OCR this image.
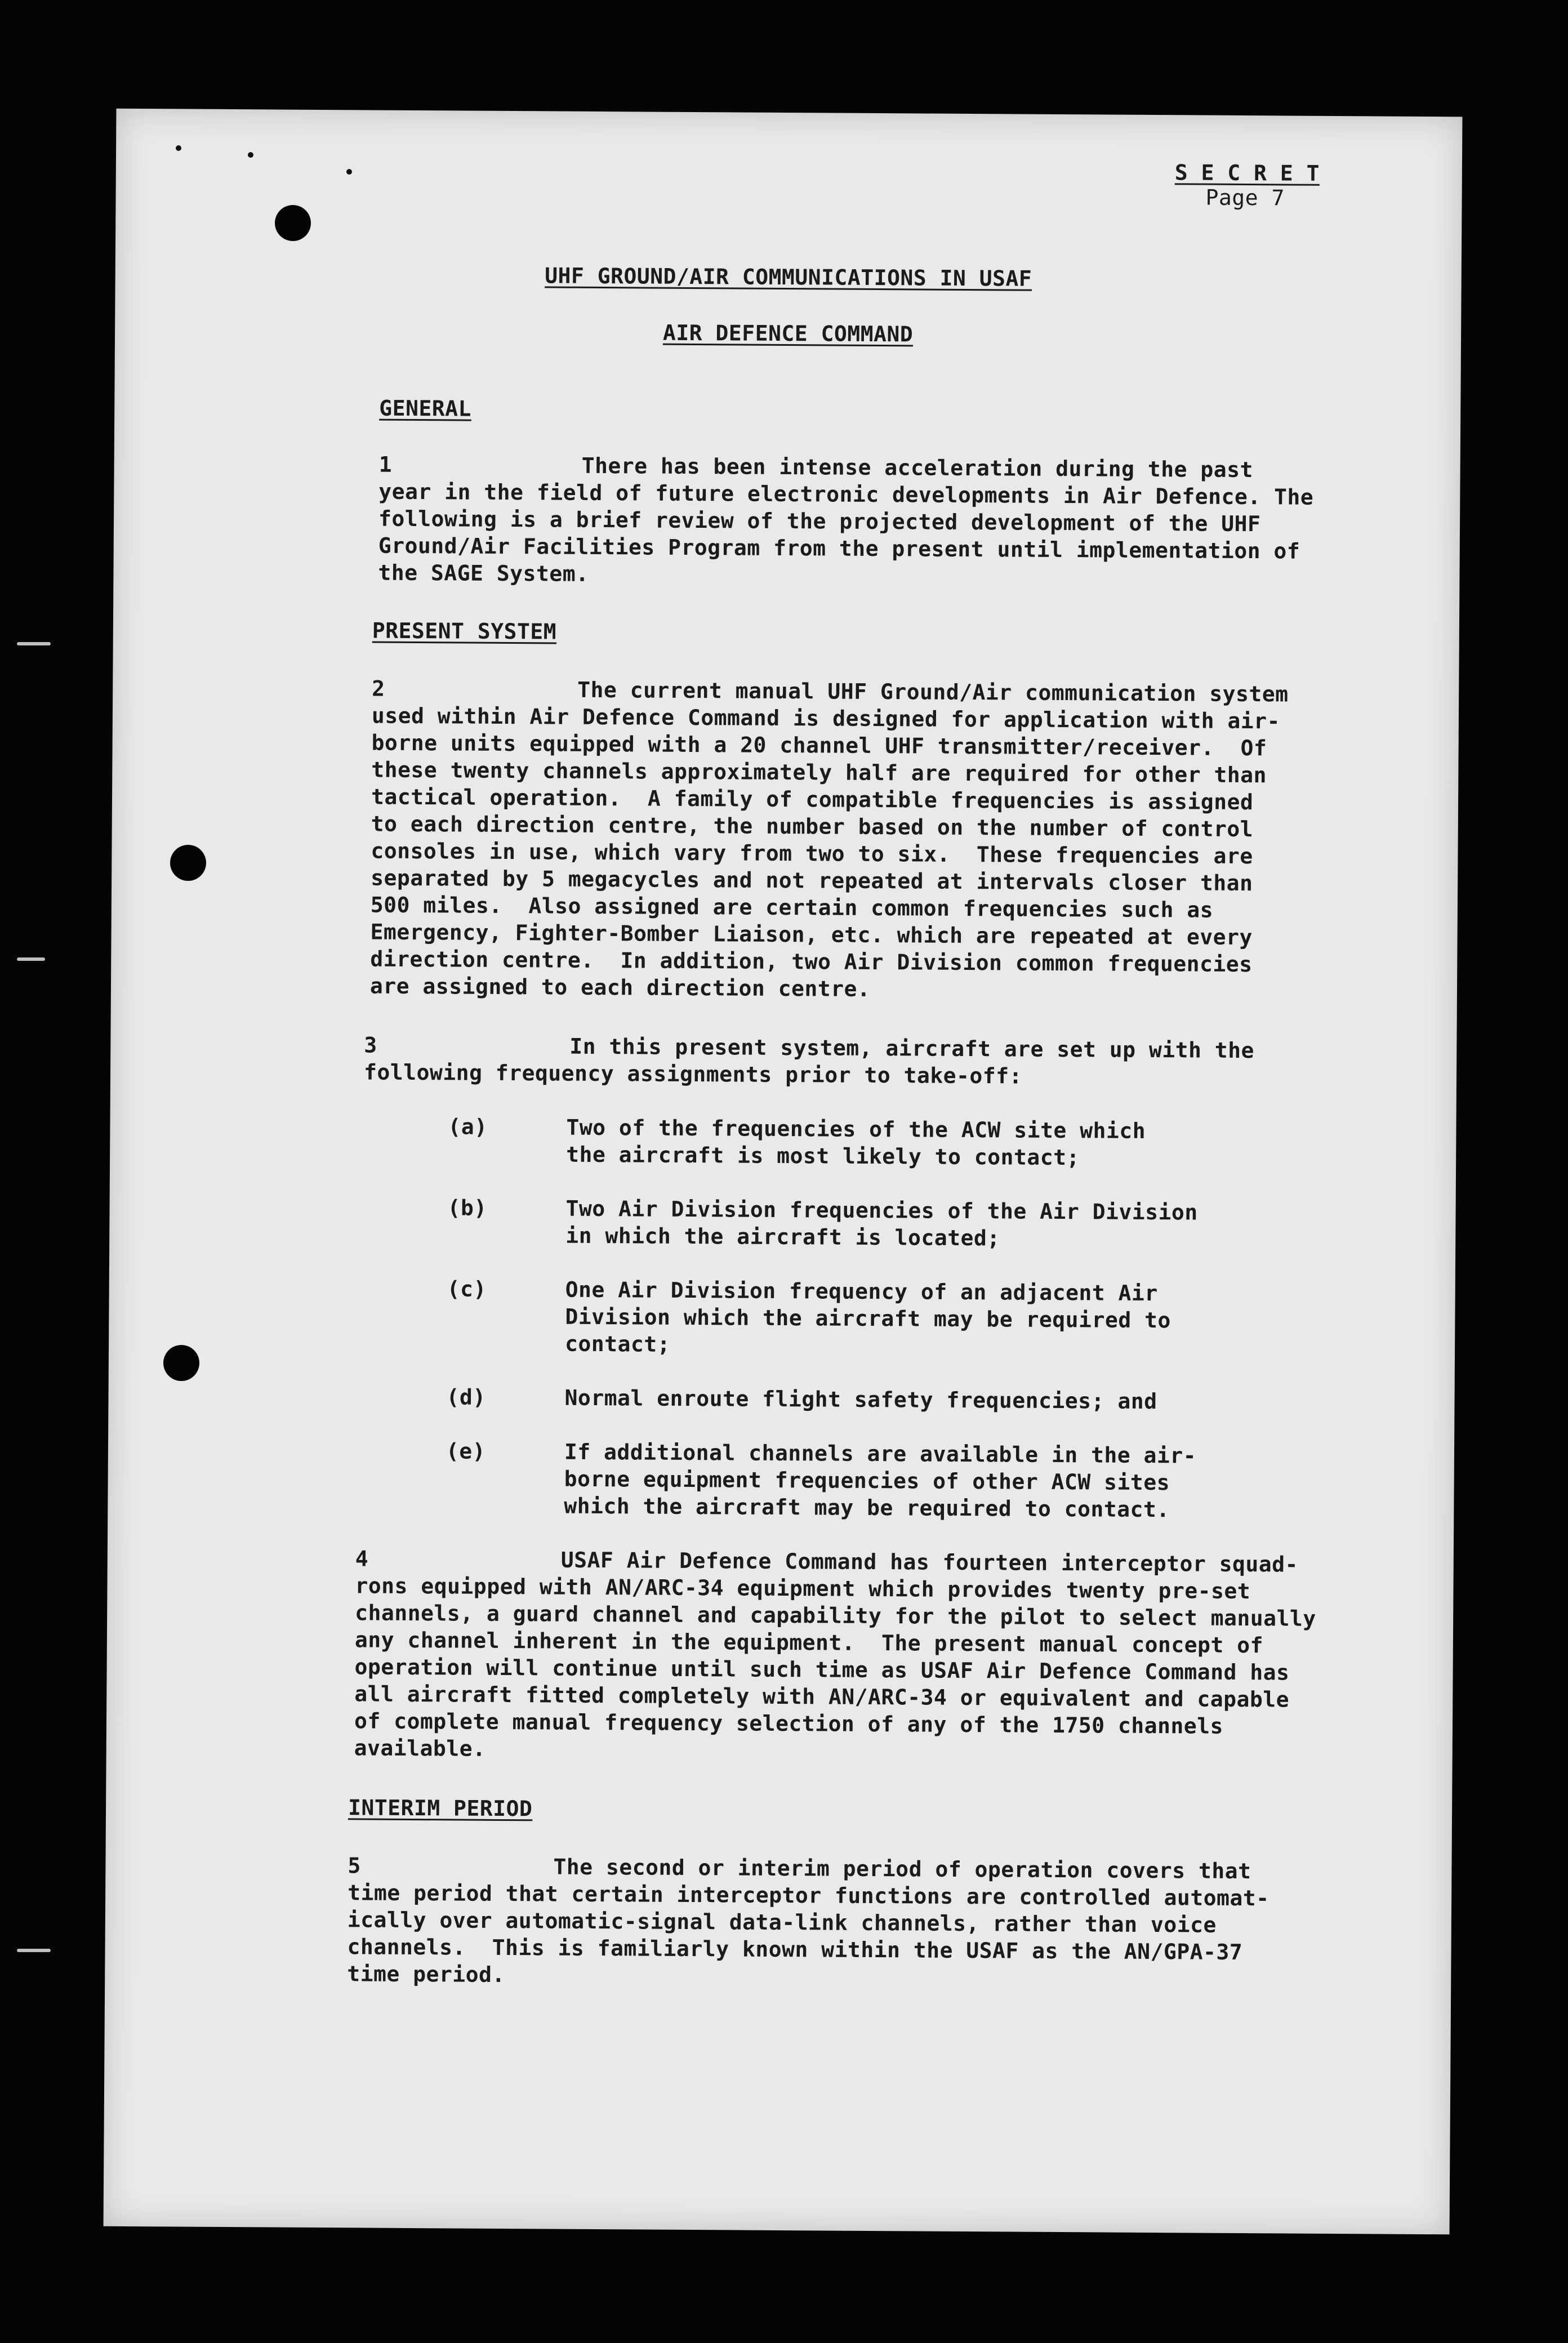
S E C R E T
Page 7
UHF GROUND/AIR COMMUNICATIONS IN USAF
AIR DEFENCE COMMAND
GENERAL
1	There has been intense acceleration during the past
year in the field of future electronic developments in Air Defence. The
following is a brief review of the projected development of the UHF
Ground/Air Facilities Program from the present until implementation of
the SAGE System.
PRESENT SYSTEM
2	The current manual UHF Ground/Air communication system
used within Air Defence Command is designed for application with air-
borne units equipped with a 20 channel UHF transmitter/receiver.  Of
these twenty channels approximately half are required for other than
tactical operation.  A family of compatible frequencies is assigned
to each direction centre, the number based on the number of control
consoles in use, which vary from two to six.  These frequencies are
separated by 5 megacycles and not repeated at intervals closer than
500 miles.  Also assigned are certain common frequencies such as
Emergency, Fighter-Bomber Liaison, etc. which are repeated at every
direction centre.  In addition, two Air Division common frequencies
are assigned to each direction centre.
3	In this present system, aircraft are set up with the
following frequency assignments prior to take-off:
(a)	Two of the frequencies of the ACW site which
the aircraft is most likely to contact;
(b)	Two Air Division frequencies of the Air Division
in which the aircraft is located;
(c)	One Air Division frequency of an adjacent Air
Division which the aircraft may be required to
contact;
(d)	Normal enroute flight safety frequencies; and
(e)	If additional channels are available in the air-
borne equipment frequencies of other ACW sites
which the aircraft may be required to contact.
4	USAF Air Defence Command has fourteen interceptor squad-
rons equipped with AN/ARC-34 equipment which provides twenty pre-set
channels, a guard channel and capability for the pilot to select manually
any channel inherent in the equipment.  The present manual concept of
operation will continue until such time as USAF Air Defence Command has
all aircraft fitted completely with AN/ARC-34 or equivalent and capable
of complete manual frequency selection of any of the 1750 channels
available.
INTERIM PERIOD
5	The second or interim period of operation covers that
time period that certain interceptor functions are controlled automat-
ically over automatic-signal data-link channels, rather than voice
channels.  This is familiarly known within the USAF as the AN/GPA-37
time period.
